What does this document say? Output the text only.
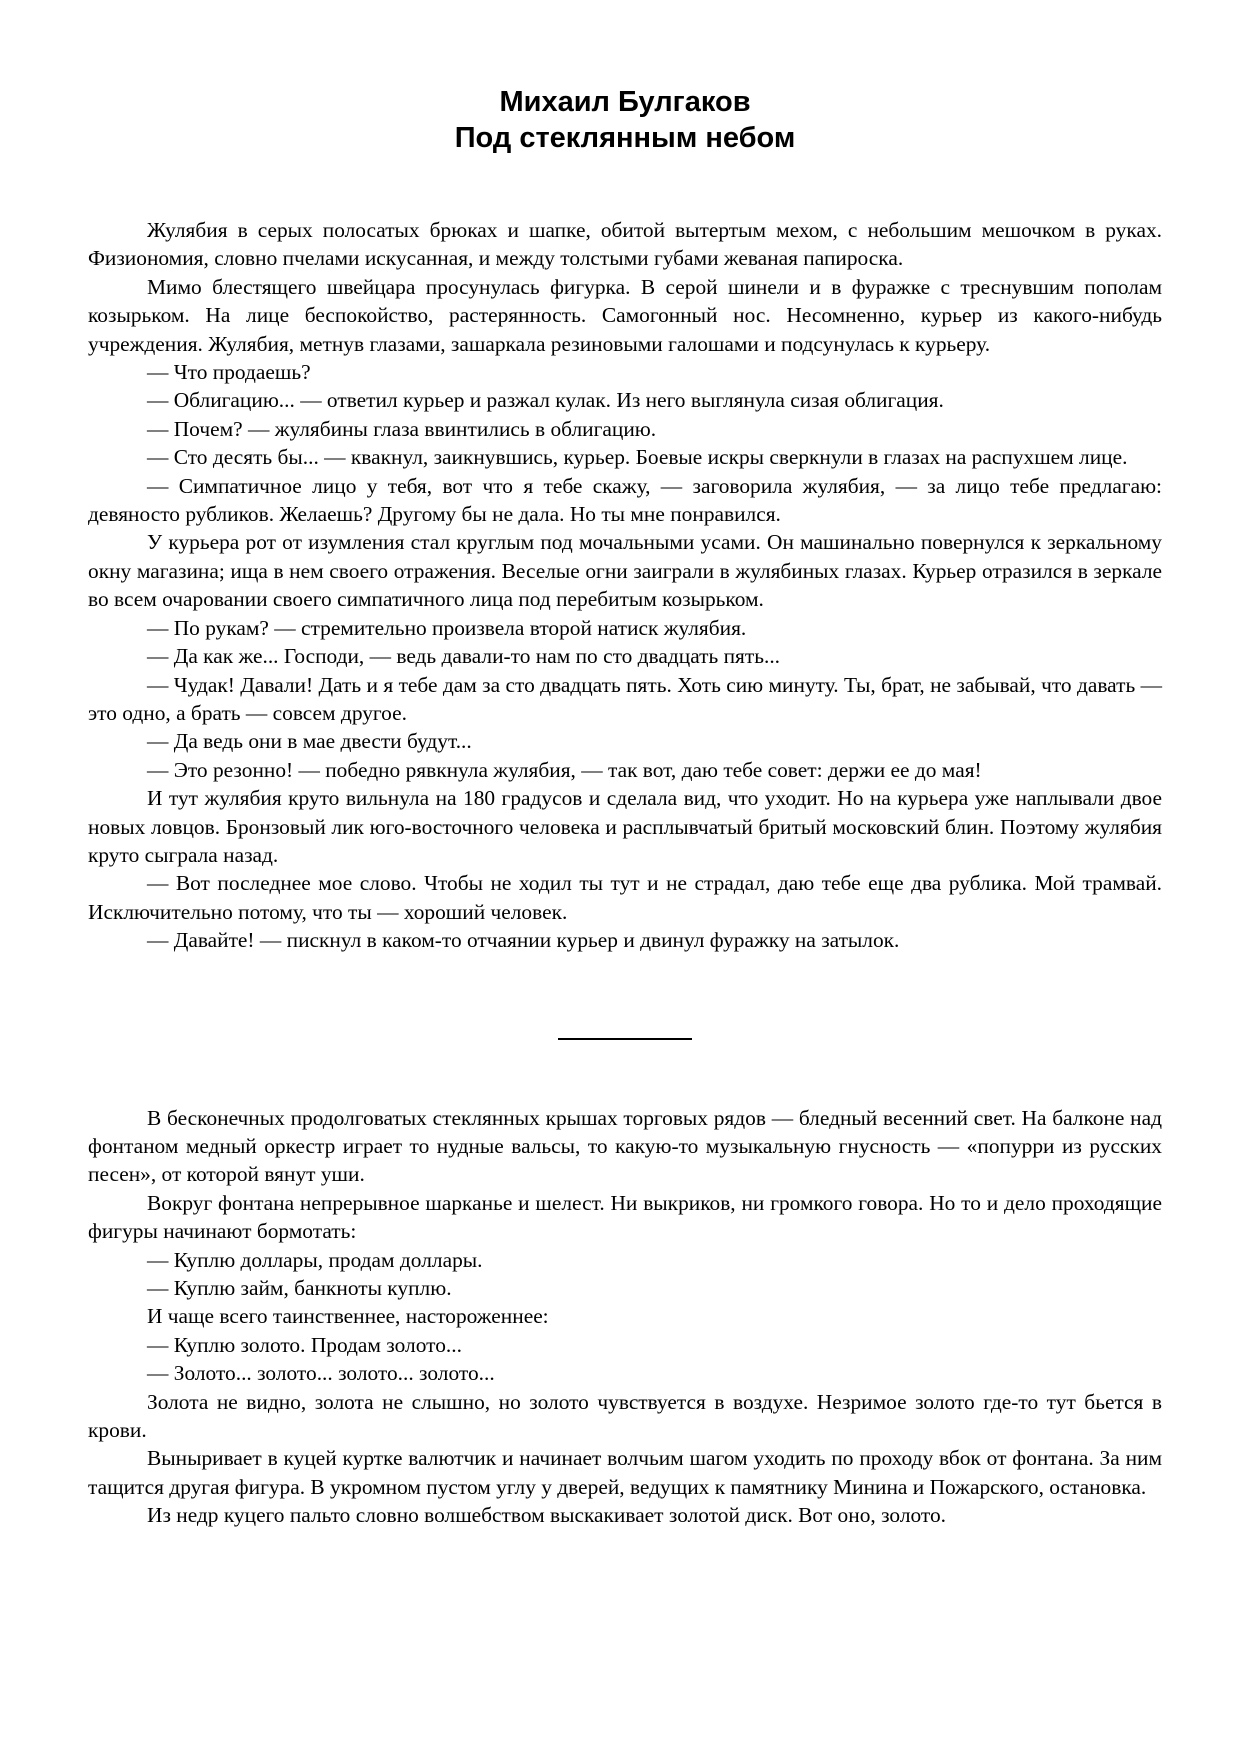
Михаил Булгаков
Под стеклянным небом

Жулябия в серых полосатых брюках и шапке, обитой вытертым мехом, с небольшим мешочком в руках. Физиономия, словно пчелами искусанная, и между толстыми губами жеваная папироска.

Мимо блестящего швейцара просунулась фигурка. В серой шинели и в фуражке с треснувшим пополам козырьком. На лице беспокойство, растерянность. Самогонный нос. Несомненно, курьер из какого-нибудь учреждения. Жулябия, метнув глазами, зашаркала резиновыми галошами и подсунулась к курьеру.

— Что продаешь?

— Облигацию... — ответил курьер и разжал кулак. Из него выглянула сизая облигация.

— Почем? — жулябины глаза ввинтились в облигацию.

— Сто десять бы... — квакнул, заикнувшись, курьер. Боевые искры сверкнули в глазах на распухшем лице.

— Симпатичное лицо у тебя, вот что я тебе скажу, — заговорила жулябия, — за лицо тебе предлагаю: девяносто рубликов. Желаешь? Другому бы не дала. Но ты мне понравился.

У курьера рот от изумления стал круглым под мочальными усами. Он машинально повернулся к зеркальному окну магазина; ища в нем своего отражения. Веселые огни заиграли в жулябиных глазах. Курьер отразился в зеркале во всем очаровании своего симпатичного лица под перебитым козырьком.

— По рукам? — стремительно произвела второй натиск жулябия.

— Да как же... Господи, — ведь давали-то нам по сто двадцать пять...

— Чудак! Давали! Дать и я тебе дам за сто двадцать пять. Хоть сию минуту. Ты, брат, не забывай, что давать — это одно, а брать — совсем другое.

— Да ведь они в мае двести будут...

— Это резонно! — победно рявкнула жулябия, — так вот, даю тебе совет: держи ее до мая!

И тут жулябия круто вильнула на 180 градусов и сделала вид, что уходит. Но на курьера уже наплывали двое новых ловцов. Бронзовый лик юго-восточного человека и расплывчатый бритый московский блин. Поэтому жулябия круто сыграла назад.

— Вот последнее мое слово. Чтобы не ходил ты тут и не страдал, даю тебе еще два рублика. Мой трамвай. Исключительно потому, что ты — хороший человек.

— Давайте! — пискнул в каком-то отчаянии курьер и двинул фуражку на затылок.

В бесконечных продолговатых стеклянных крышах торговых рядов — бледный весенний свет. На балконе над фонтаном медный оркестр играет то нудные вальсы, то какую-то музыкальную гнусность — «попурри из русских песен», от которой вянут уши.

Вокруг фонтана непрерывное шарканье и шелест. Ни выкриков, ни громкого говора. Но то и дело проходящие фигуры начинают бормотать:

— Куплю доллары, продам доллары.

— Куплю займ, банкноты куплю.

И чаще всего таинственнее, настороженнее:

— Куплю золото. Продам золото...

— Золото... золото... золото... золото...

Золота не видно, золота не слышно, но золото чувствуется в воздухе. Незримое золото где-то тут бьется в крови.

Выныривает в куцей куртке валютчик и начинает волчьим шагом уходить по проходу вбок от фонтана. За ним тащится другая фигура. В укромном пустом углу у дверей, ведущих к памятнику Минина и Пожарского, остановка.

Из недр куцего пальто словно волшебством выскакивает золотой диск. Вот оно, золото.
